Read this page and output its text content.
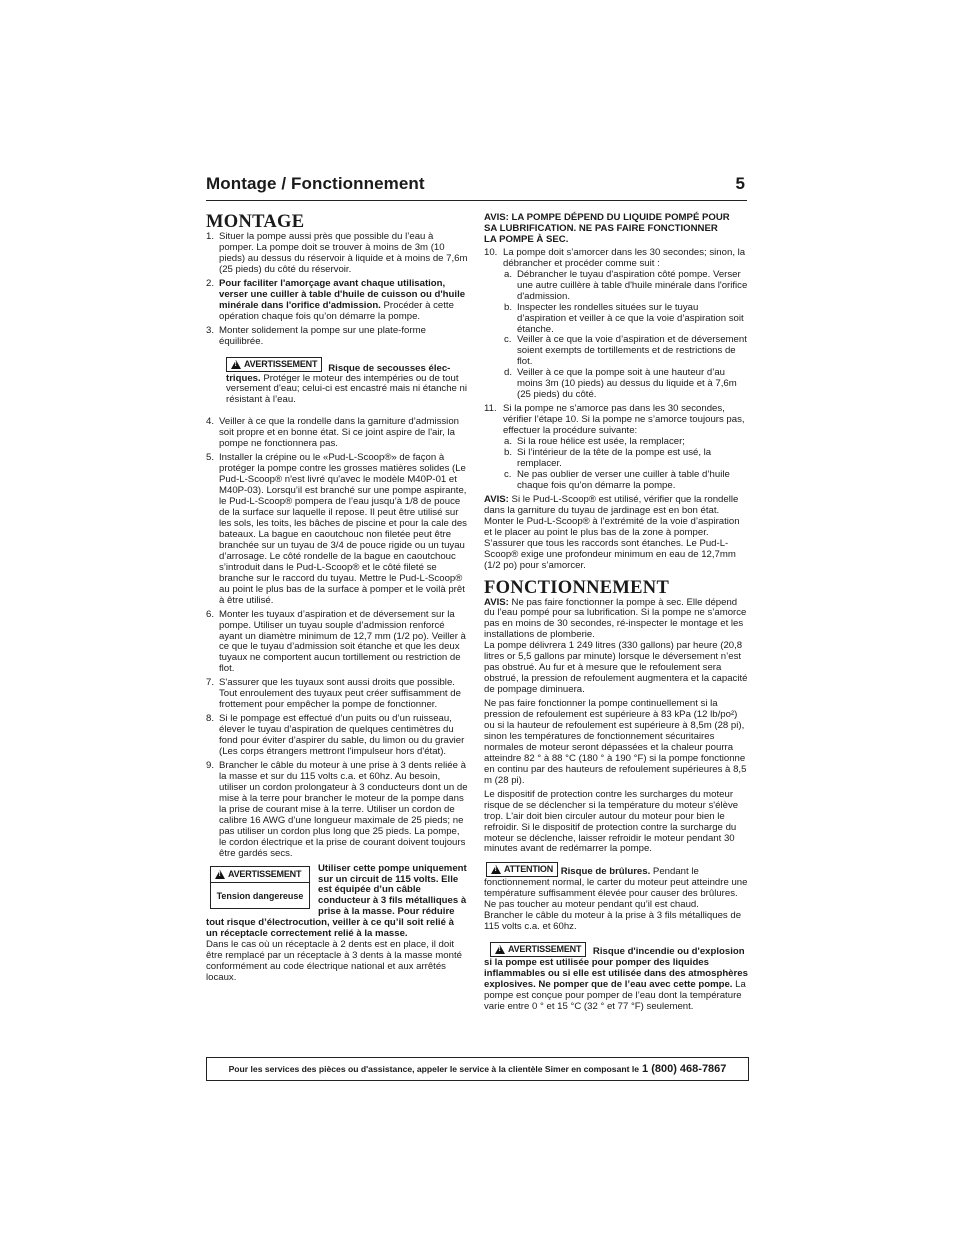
Montage / Fonctionnement	5
MONTAGE
1. Situer la pompe aussi près que possible du l’eau à pomper. La pompe doit se trouver à moins de 3m (10 pieds) au dessus du réservoir à liquide et à moins de 7,6m (25 pieds) du côté du réservoir.
2. Pour faciliter l'amorçage avant chaque utilisation, verser une cuiller à table d'huile de cuisson ou d'huile minérale dans l'orifice d'admission. Procéder à cette opération chaque fois qu’on démarre la pompe.
3. Monter solidement la pompe sur une plate-forme équilibrée.
!
AVERTISSEMENT Risque de secousses élec-

triques. Protéger le moteur des intempéries ou de tout versement d’eau; celui-ci est encastré mais ni étanche ni résistant à l’eau.

4. Veiller à ce que la rondelle dans la garniture d’admission soit propre et en bonne état. Si ce joint aspire de l'air, la pompe ne fonctionnera pas.
5. Installer la crépine ou le «Pud-L-Scoop®» de façon à protéger la pompe contre les grosses matières solides (Le Pud-L-Scoop® n'est livré qu'avec le modèle M40P-01 et M40P-03). Lorsqu’il est branché sur une pompe aspirante, le Pud-L-Scoop® pompera de l’eau jusqu’à 1/8 de pouce de la surface sur laquelle il repose. Il peut être utilisé sur les sols, les toits, les bâches de piscine et pour la cale des bateaux. La bague en caoutchouc non filetée peut être branchée sur un tuyau de 3/4 de pouce rigide ou un tuyau d’arrosage. Le côté rondelle de la bague en caoutchouc s’introduit dans le Pud-L-Scoop® et le côté fileté se branche sur le raccord du tuyau. Mettre le Pud-L-Scoop® au point le plus bas de la surface à pomper et le voilà prêt à être utilisé.
6. Monter les tuyaux d’aspiration et de déversement sur la pompe. Utiliser un tuyau souple d’admission renforcé ayant un diamètre minimum de 12,7 mm (1/2 po). Veiller à ce que le tuyau d’admission soit étanche et que les deux tuyaux ne comportent aucun tortillement ou restriction de flot.
7. S'assurer que les tuyaux sont aussi droits que possible. Tout enroulement des tuyaux peut créer suffisamment de frottement pour empêcher la pompe de fonctionner.
8. Si le pompage est effectué d’un puits ou d’un ruisseau, élever le tuyau d’aspiration de quelques centimètres du fond pour éviter d’aspirer du sable, du limon ou du gravier (Les corps étrangers mettront l'impulseur hors d'état).
9. Brancher le câble du moteur à une prise à 3 dents reliée à la masse et sur du 115 volts c.a. et 60hz. Au besoin, utiliser un cordon prolongateur à 3 conducteurs dont un de mise à la terre pour brancher le moteur de la pompe dans la prise de courant mise à la terre. Utiliser un cordon de calibre 16 AWG d’une longueur maximale de 25 pieds; ne pas utiliser un cordon plus long que 25 pieds. La pompe, le cordon électrique et la prise de courant doivent toujours être gardés secs.
!
AVERTISSEMENT
Tension dangereuse

Utiliser cette pompe uniquement sur un circuit de 115 volts. Elle est équipée d’un câble conducteur à 3 fils métalliques à prise à la masse. Pour réduire tout risque d’électrocution, veiller à ce qu’il soit relié à un réceptacle correctement relié à la masse.

Dans le cas où un réceptacle à 2 dents est en place, il doit être remplacé par un réceptacle à 3 dents à la masse monté conformément au code électrique national et aux arrêtés locaux.

AVIS: LA POMPE DÉPEND DU LIQUIDE POMPÉ POUR SA LUBRIFICATION. NE PAS FAIRE FONCTIONNER LA POMPE À SEC.

10. La pompe doit s’amorcer dans les 30 secondes; sinon, la débrancher et procéder comme suit :
a. Débrancher le tuyau d'aspiration côté pompe. Verser une autre cuillère à table d'huile minérale dans l'orifice d'admission.
b. Inspecter les rondelles situées sur le tuyau d’aspiration et veiller à ce que la voie d’aspiration soit étanche.
c. Veiller à ce que la voie d’aspiration et de déversement soient exempts de tortillements et de restrictions de flot.
d. Veiller à ce que la pompe soit à une hauteur d’au moins 3m (10 pieds) au dessus du liquide et à 7,6m (25 pieds) du côté.
11. Si la pompe ne s’amorce pas dans les 30 secondes, vérifier l’étape 10. Si la pompe ne s’amorce toujours pas, effectuer la procédure suivante:
a. Si la roue hélice est usée, la remplacer;
b. Si l’intérieur de la tête de la pompe est usé, la remplacer.
c. Ne pas oublier de verser une cuiller à table d’huile chaque fois qu’on démarre la pompe.

AVIS: Si le Pud-L-Scoop® est utilisé, vérifier que la rondelle dans la garniture du tuyau de jardinage est en bon état. Monter le Pud-L-Scoop® à l’extrémité de la voie d’aspiration et le placer au point le plus bas de la zone à pomper. S’assurer que tous les raccords sont étanches. Le Pud-L-Scoop® exige une profondeur minimum en eau de 12,7mm (1/2 po) pour s’amorcer.

FONCTIONNEMENT

AVIS: Ne pas faire fonctionner la pompe à sec. Elle dépend du l’eau pompé pour sa lubrification. Si la pompe ne s’amorce pas en moins de 30 secondes, ré-inspecter le montage et les installations de plomberie.

La pompe délivrera 1 249 litres (330 gallons) par heure (20,8 litres or 5,5 gallons par minute) lorsque le déversement n’est pas obstrué. Au fur et à mesure que le refoulement sera obstrué, la pression de refoulement augmentera et la capacité de pompage diminuera.

Ne pas faire fonctionner la pompe continuellement si la pression de refoulement est supérieure à 83 kPa (12 lb/po²) ou si la hauteur de refoulement est supérieure à 8,5m (28 pi), sinon les températures de fonctionnement sécuritaires normales de moteur seront dépassées et la chaleur pourra atteindre 82 ° à 88 °C (180 ° à 190 °F) si la pompe fonctionne en continu par des hauteurs de refoulement supérieures à 8,5 m (28 pi).

Le dispositif de protection contre les surcharges du moteur risque de se déclencher si la température du moteur s'élève trop. L'air doit bien circuler autour du moteur pour bien le refroidir. Si le dispositif de protection contre la surcharge du moteur se déclenche, laisser refroidir le moteur pendant 30 minutes avant de redémarrer la pompe.

!
ATTENTION Risque de brûlures. Pendant le fonctionnement normal, le carter du moteur peut atteindre une température suffisamment élevée pour causer des brûlures. Ne pas toucher au moteur pendant qu’il est chaud.

Brancher le câble du moteur à la prise à 3 fils métalliques de 115 volts c.a. et 60hz.

!
AVERTISSEMENT Risque d'incendie ou d'explosion

si la pompe est utilisée pour pomper des liquides inflammables ou si elle est utilisée dans des atmosphères explosives. Ne pomper que de l’eau avec cette pompe. La pompe est conçue pour pomper de l’eau dont la température varie entre 0 ° et 15 °C (32 ° et 77 °F) seulement.

Pour les services des pièces ou d'assistance, appeler le service à la clientèle Simer en composant le 1 (800) 468-7867
